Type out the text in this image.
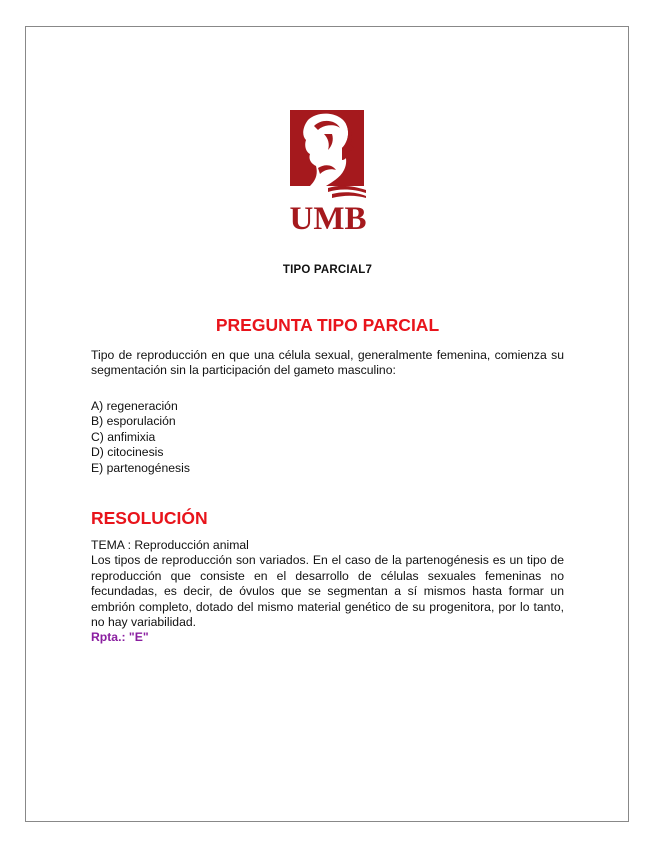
UMB
TIPO PARCIAL7
PREGUNTA TIPO PARCIAL
Tipo de reproducción en que una célula sexual, generalmente femenina, comienza su segmentación sin la participación del gameto masculino:
A) regeneración
B) esporulación
C) anfimixia
D) citocinesis
E) partenogénesis
RESOLUCIÓN
TEMA : Reproducción animal
Los tipos de reproducción son variados. En el caso de la partenogénesis es un tipo de reproducción que consiste en el desarrollo de células sexuales femeninas no fecundadas, es decir, de óvulos que se segmentan a sí mismos hasta formar un embrión completo, dotado del mismo material genético de su progenitora, por lo tanto, no hay variabilidad.
Rpta.: "E"
